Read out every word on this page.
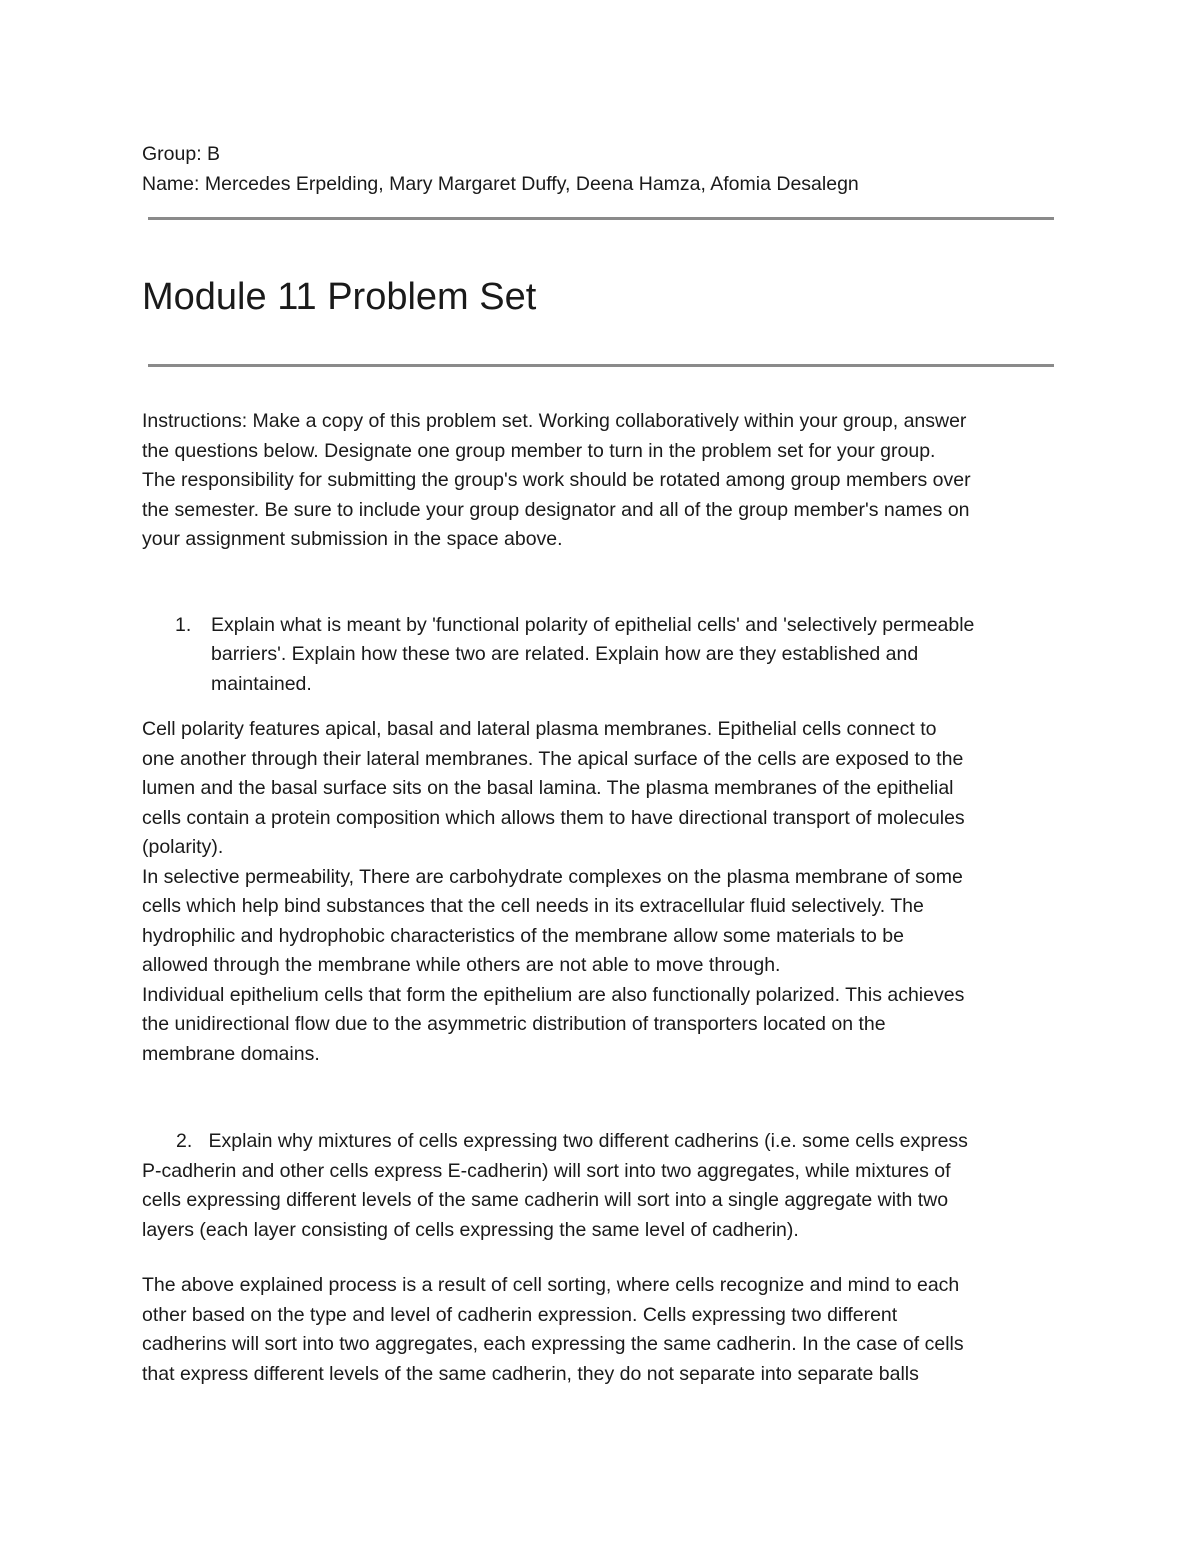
Group: B

Name: Mercedes Erpelding, Mary Margaret Duffy, Deena Hamza, Afomia Desalegn

Module 11 Problem Set

Instructions: Make a copy of this problem set. Working collaboratively within your group, answer

the questions below. Designate one group member to turn in the problem set for your group.

The responsibility for submitting the group's work should be rotated among group members over

the semester. Be sure to include your group designator and all of the group member's names on

your assignment submission in the space above.

1. Explain what is meant by 'functional polarity of epithelial cells' and 'selectively permeable

barriers'. Explain how these two are related. Explain how are they established and

maintained.

Cell polarity features apical, basal and lateral plasma membranes. Epithelial cells connect to

one another through their lateral membranes. The apical surface of the cells are exposed to the

lumen and the basal surface sits on the basal lamina. The plasma membranes of the epithelial

cells contain a protein composition which allows them to have directional transport of molecules

(polarity).

In selective permeability, There are carbohydrate complexes on the plasma membrane of some

cells which help bind substances that the cell needs in its extracellular fluid selectively. The

hydrophilic and hydrophobic characteristics of the membrane allow some materials to be

allowed through the membrane while others are not able to move through.

Individual epithelium cells that form the epithelium are also functionally polarized. This achieves

the unidirectional flow due to the asymmetric distribution of transporters located on the

membrane domains.

2. Explain why mixtures of cells expressing two different cadherins (i.e. some cells express

P-cadherin and other cells express E-cadherin) will sort into two aggregates, while mixtures of

cells expressing different levels of the same cadherin will sort into a single aggregate with two

layers (each layer consisting of cells expressing the same level of cadherin).

The above explained process is a result of cell sorting, where cells recognize and mind to each

other based on the type and level of cadherin expression. Cells expressing two different

cadherins will sort into two aggregates, each expressing the same cadherin. In the case of cells

that express different levels of the same cadherin, they do not separate into separate balls
